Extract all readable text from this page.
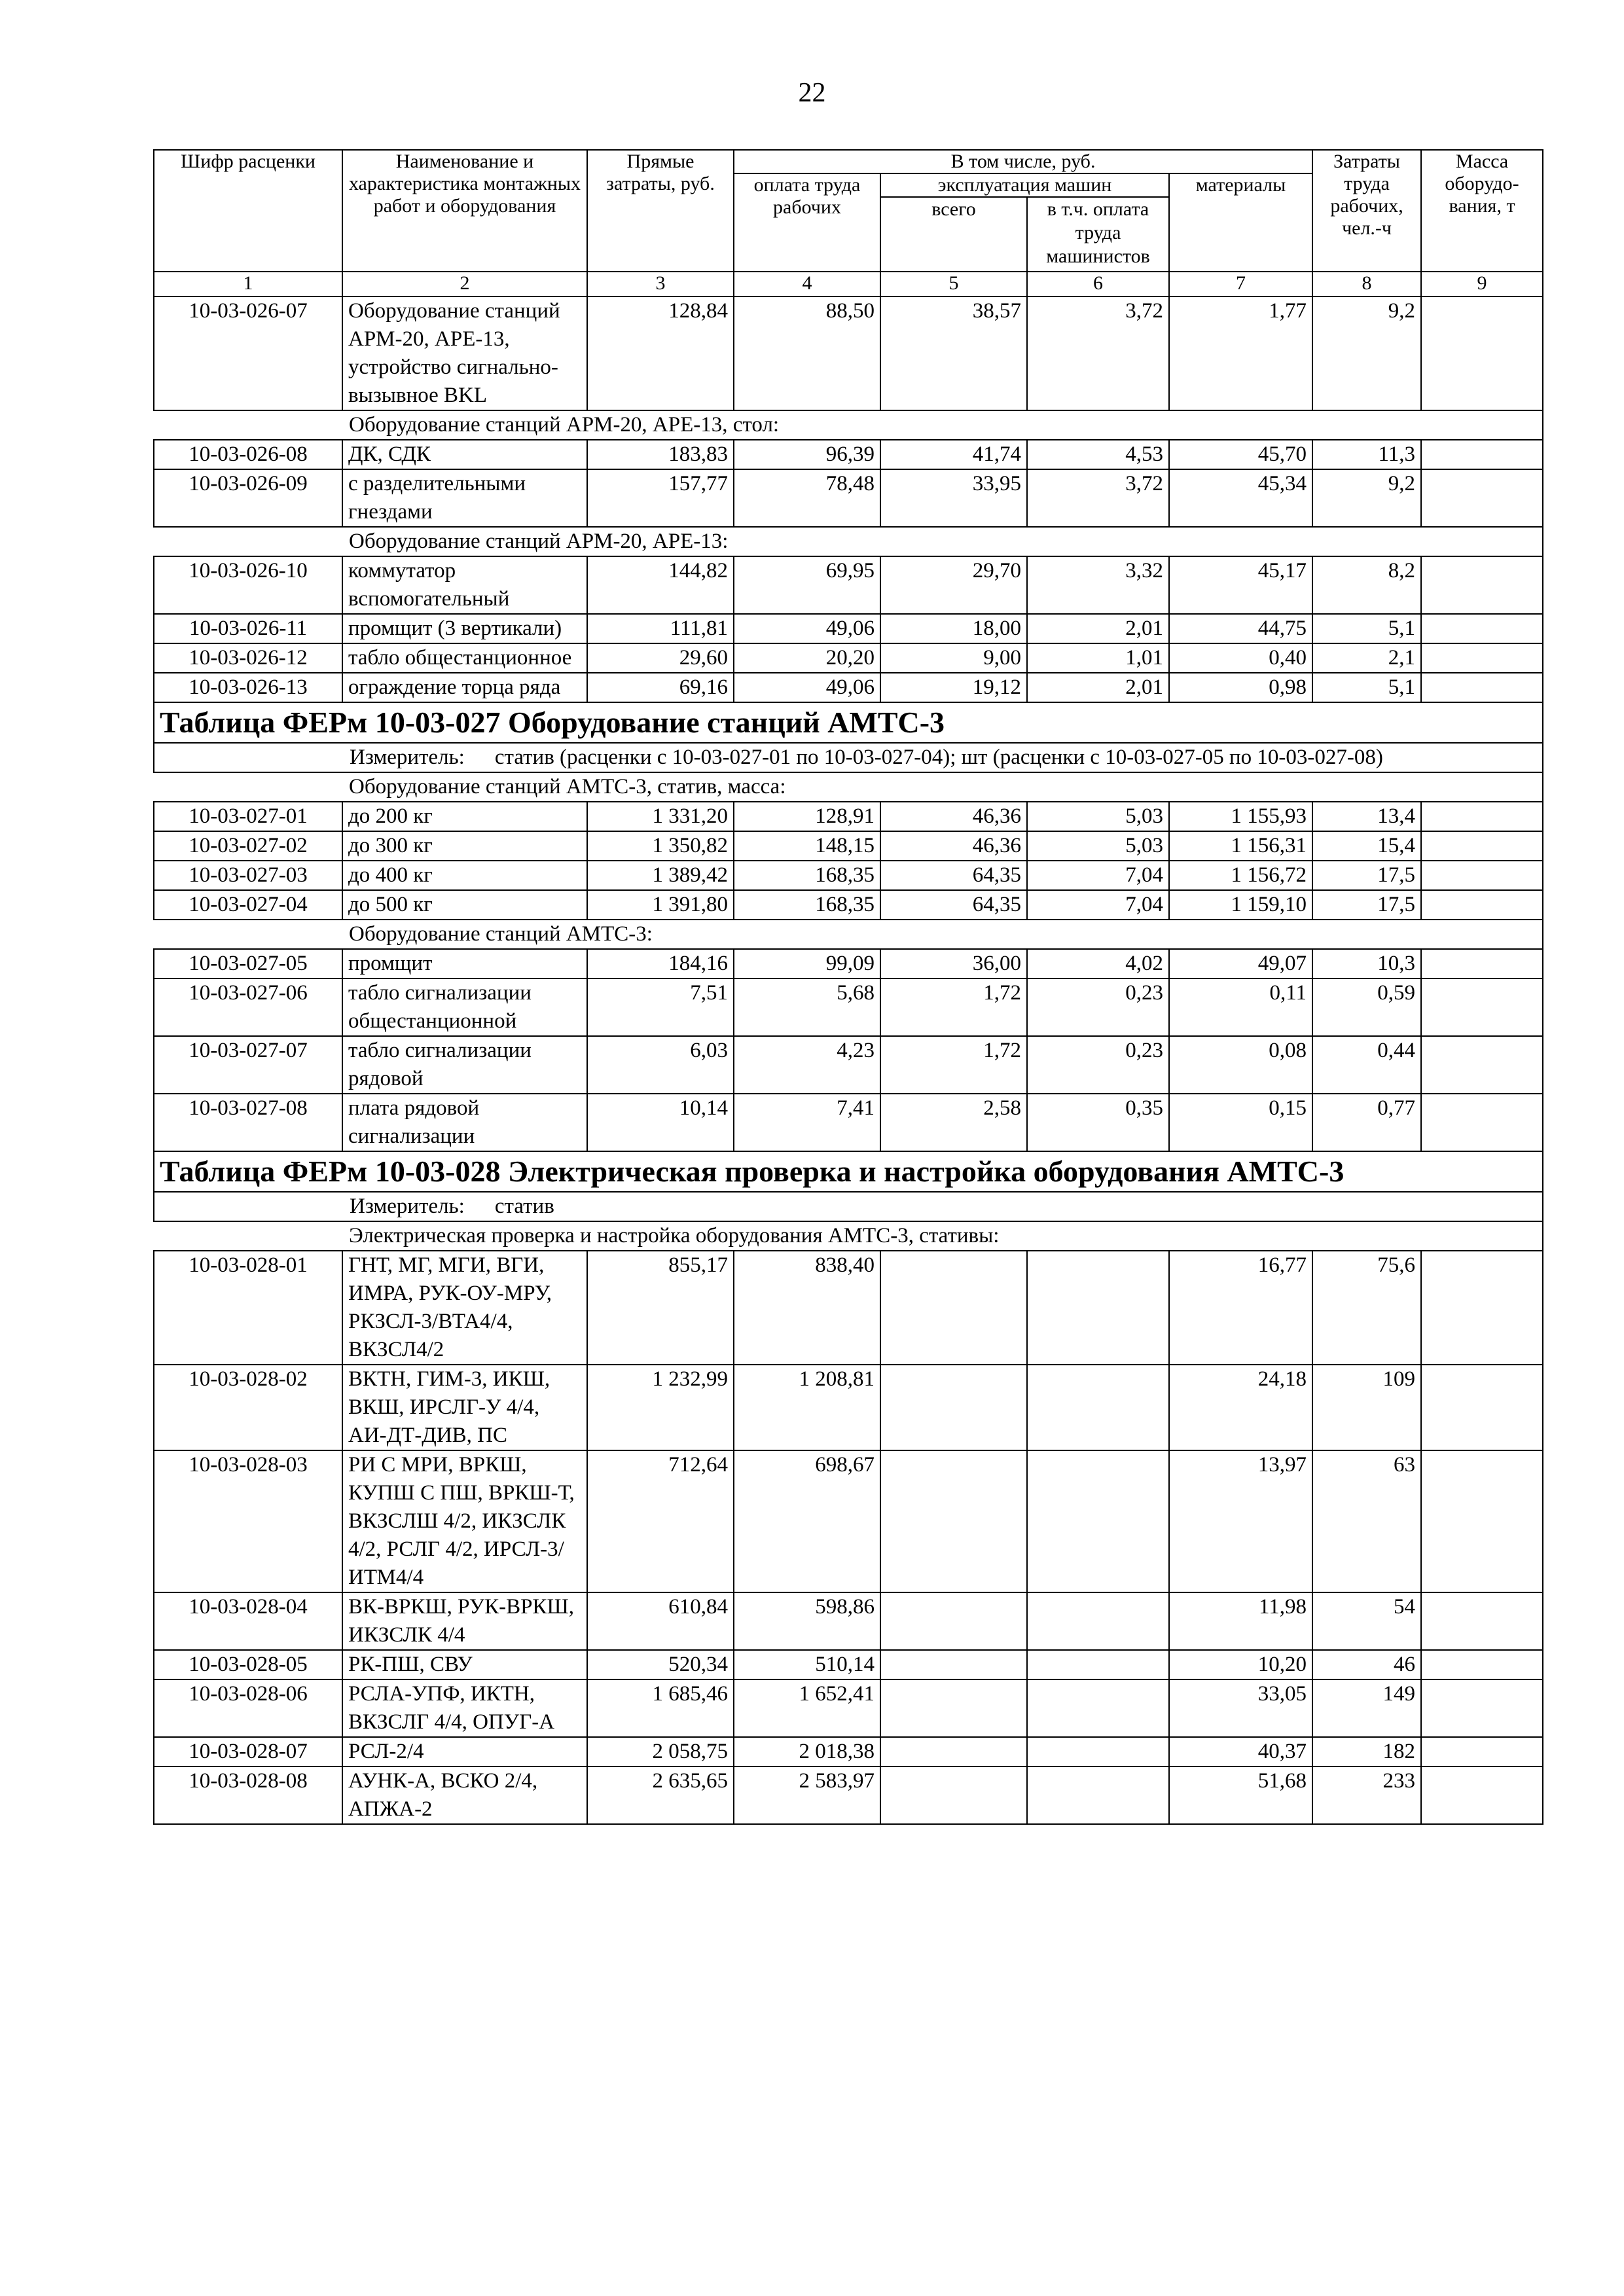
22
Шифр расценки	Наименование и характеристика монтажных работ и оборудования	Прямые затраты, руб.	В том числе, руб.				Затраты труда рабочих, чел.-ч	Масса оборудо-вания, т
			оплата труда рабочих	эксплуатация машин		материалы		
				всего	в т.ч. оплата труда машинистов			
1	2	3	4	5	6	7	8	9
10-03-026-07	Оборудование станций АРМ-20, АРЕ-13, устройство сигнально-вызывное BKL	128,84	88,50	38,57	3,72	1,77	9,2	
Оборудование станций АРМ-20, АРЕ-13, стол:								
10-03-026-08	ДК, СДК	183,83	96,39	41,74	4,53	45,70	11,3	
10-03-026-09	с разделительными гнездами	157,77	78,48	33,95	3,72	45,34	9,2	
Оборудование станций АРМ-20, АРЕ-13:								
10-03-026-10	коммутатор вспомогательный	144,82	69,95	29,70	3,32	45,17	8,2	
10-03-026-11	промщит (3 вертикали)	111,81	49,06	18,00	2,01	44,75	5,1	
10-03-026-12	табло общестанционное	29,60	20,20	9,00	1,01	0,40	2,1	
10-03-026-13	ограждение торца ряда	69,16	49,06	19,12	2,01	0,98	5,1	
Таблица ФЕРм 10-03-027 Оборудование станций АМТС-3								
Измеритель: статив (расценки с 10-03-027-01 по 10-03-027-04); шт (расценки с 10-03-027-05 по 10-03-027-08)								
Оборудование станций АМТС-3, статив, масса:								
10-03-027-01	до 200 кг	1 331,20	128,91	46,36	5,03	1 155,93	13,4	
10-03-027-02	до 300 кг	1 350,82	148,15	46,36	5,03	1 156,31	15,4	
10-03-027-03	до 400 кг	1 389,42	168,35	64,35	7,04	1 156,72	17,5	
10-03-027-04	до 500 кг	1 391,80	168,35	64,35	7,04	1 159,10	17,5	
Оборудование станций АМТС-3:								
10-03-027-05	промщит	184,16	99,09	36,00	4,02	49,07	10,3	
10-03-027-06	табло сигнализации общестанционной	7,51	5,68	1,72	0,23	0,11	0,59	
10-03-027-07	табло сигнализации рядовой	6,03	4,23	1,72	0,23	0,08	0,44	
10-03-027-08	плата рядовой сигнализации	10,14	7,41	2,58	0,35	0,15	0,77	
Таблица ФЕРм 10-03-028 Электрическая проверка и настройка оборудования АМТС-3								
Измеритель: статив								
Электрическая проверка и настройка оборудования АМТС-3, стативы:								
10-03-028-01	ГНТ, МГ, МГИ, ВГИ, ИМРА, РУК-ОУ-МРУ, РКЗСЛ-3/ВТА4/4, ВКЗСЛ4/2	855,17	838,40			16,77	75,6	
10-03-028-02	ВКТН, ГИМ-3, ИКШ, ВКШ, ИРСЛГ-У 4/4, АИ-ДТ-ДИВ, ПС	1 232,99	1 208,81			24,18	109	
10-03-028-03	РИ С МРИ, ВРКШ, КУПШ С ПШ, ВРКШ-Т, ВКЗСЛШ 4/2, ИКЗСЛК 4/2, РСЛГ 4/2, ИРСЛ-3/ИТМ4/4	712,64	698,67			13,97	63	
10-03-028-04	ВК-ВРКШ, РУК-ВРКШ, ИКЗСЛК 4/4	610,84	598,86			11,98	54	
10-03-028-05	РК-ПШ, СВУ	520,34	510,14			10,20	46	
10-03-028-06	РСЛА-УПФ, ИКТН, ВКЗСЛГ 4/4, ОПУГ-А	1 685,46	1 652,41			33,05	149	
10-03-028-07	РСЛ-2/4	2 058,75	2 018,38			40,37	182	
10-03-028-08	АУНК-А, ВСКО 2/4, АПЖА-2	2 635,65	2 583,97			51,68	233	
